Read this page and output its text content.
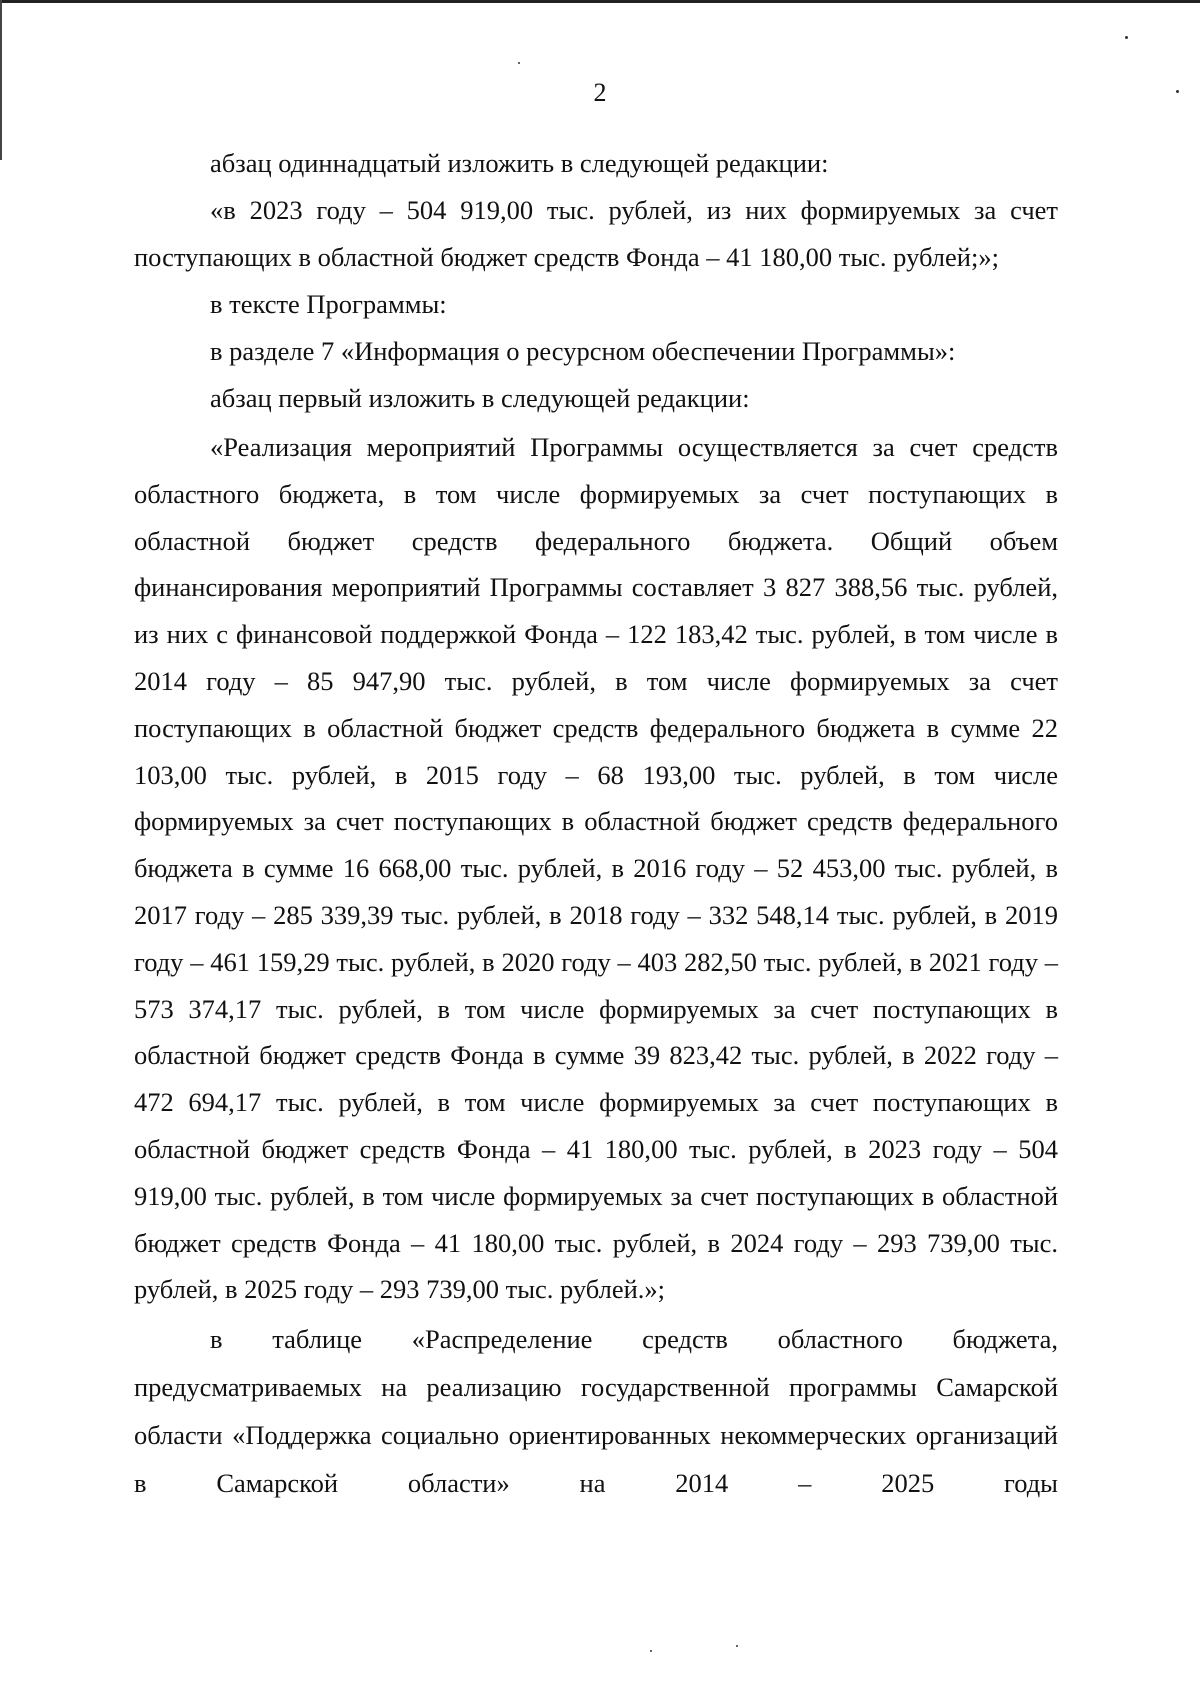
2

абзац одиннадцатый изложить в следующей редакции:

«в 2023 году – 504 919,00 тыс. рублей, из них формируемых за счет поступающих в областной бюджет средств Фонда – 41 180,00 тыс. рублей;»;

в тексте Программы:

в разделе 7 «Информация о ресурсном обеспечении Программы»:

абзац первый изложить в следующей редакции:

«Реализация мероприятий Программы осуществляется за счет средств областного бюджета, в том числе формируемых за счет поступающих в областной бюджет средств федерального бюджета. Общий объем финансирования мероприятий Программы составляет 3 827 388,56 тыс. рублей, из них с финансовой поддержкой Фонда – 122 183,42 тыс. рублей, в том числе в 2014 году – 85 947,90 тыс. рублей, в том числе формируемых за счет поступающих в областной бюджет средств федерального бюджета в сумме 22 103,00 тыс. рублей, в 2015 году – 68 193,00 тыс. рублей, в том числе формируемых за счет поступающих в областной бюджет средств федерального бюджета в сумме 16 668,00 тыс. рублей, в 2016 году – 52 453,00 тыс. рублей, в 2017 году – 285 339,39 тыс. рублей, в 2018 году – 332 548,14 тыс. рублей, в 2019 году – 461 159,29 тыс. рублей, в 2020 году – 403 282,50 тыс. рублей, в 2021 году – 573 374,17 тыс. рублей, в том числе формируемых за счет поступающих в областной бюджет средств Фонда в сумме 39 823,42 тыс. рублей, в 2022 году – 472 694,17 тыс. рублей, в том числе формируемых за счет поступающих в областной бюджет средств Фонда – 41 180,00 тыс. рублей, в 2023 году – 504 919,00 тыс. рублей, в том числе формируемых за счет поступающих в областной бюджет средств Фонда – 41 180,00 тыс. рублей, в 2024 году – 293 739,00 тыс. рублей, в 2025 году – 293 739,00 тыс. рублей.»;

в таблице «Распределение средств областного бюджета, предусматриваемых на реализацию государственной программы Самарской области «Поддержка социально ориентированных некоммерческих организаций в Самарской области» на 2014 – 2025 годы
